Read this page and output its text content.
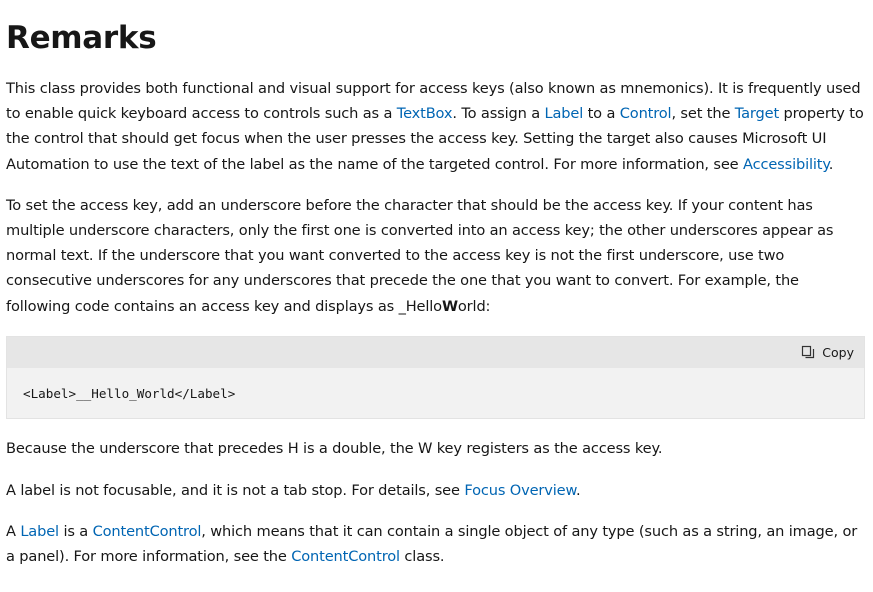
Remarks

This class provides both functional and visual support for access keys (also known as mnemonics). It is frequently used to enable quick keyboard access to controls such as a TextBox. To assign a Label to a Control, set the Target property to the control that should get focus when the user presses the access key. Setting the target also causes Microsoft UI Automation to use the text of the label as the name of the targeted control. For more information, see Accessibility.

To set the access key, add an underscore before the character that should be the access key. If your content has multiple underscore characters, only the first one is converted into an access key; the other underscores appear as normal text. If the underscore that you want converted to the access key is not the first underscore, use two consecutive underscores for any underscores that precede the one that you want to convert. For example, the following code contains an access key and displays as _HelloWorld:

Copy
<Label>__Hello_World</Label>

Because the underscore that precedes H is a double, the W key registers as the access key.

A label is not focusable, and it is not a tab stop. For details, see Focus Overview.

A Label is a ContentControl, which means that it can contain a single object of any type (such as a string, an image, or a panel). For more information, see the ContentControl class.
